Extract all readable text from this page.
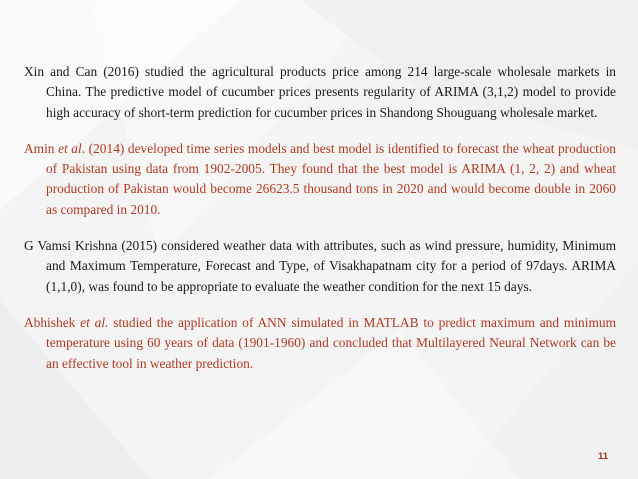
Xin and Can (2016) studied the agricultural products price among 214 large-scale wholesale markets in China. The predictive model of cucumber prices presents regularity of ARIMA (3,1,2) model to provide high accuracy of short-term prediction for cucumber prices in Shandong Shouguang wholesale market.

Amin et al. (2014) developed time series models and best model is identified to forecast the wheat production of Pakistan using data from 1902-2005. They found that the best model is ARIMA (1, 2, 2) and wheat production of Pakistan would become 26623.5 thousand tons in 2020 and would become double in 2060 as compared in 2010.

G Vamsi Krishna (2015) considered weather data with attributes, such as wind pressure, humidity, Minimum and Maximum Temperature, Forecast and Type, of Visakhapatnam city for a period of 97days. ARIMA (1,1,0), was found to be appropriate to evaluate the weather condition for the next 15 days.

Abhishek et al. studied the application of ANN simulated in MATLAB to predict maximum and minimum temperature using 60 years of data (1901-1960) and concluded that Multilayered Neural Network can be an effective tool in weather prediction.

11
